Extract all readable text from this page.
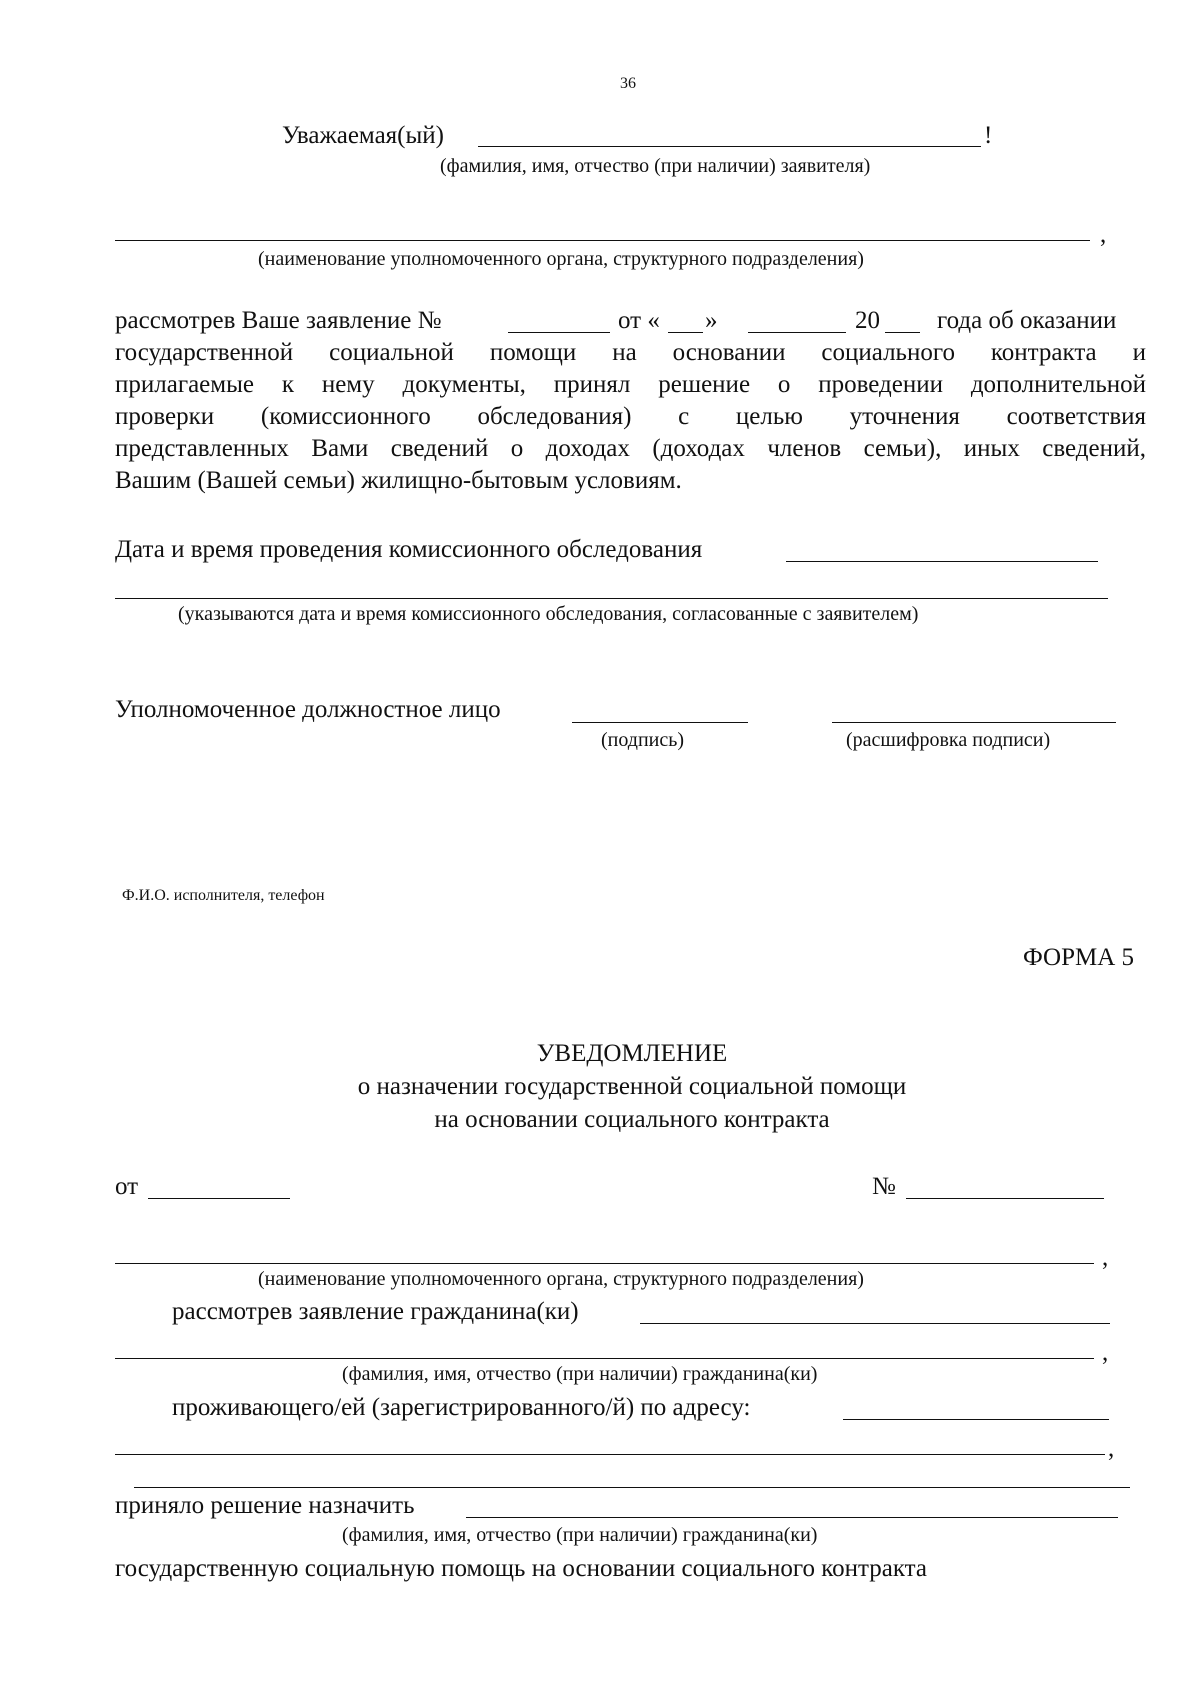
36
Уважаемая(ый)	!
(фамилия, имя, отчество (при наличии) заявителя)
,
(наименование уполномоченного органа, структурного подразделения)
рассмотрев Ваше заявление №	от « »	20 года об оказании
государственной социальной помощи на основании социального контракта и
прилагаемые к нему документы, принял решение о проведении дополнительной
проверки (комиссионного обследования) с целью уточнения соответствия
представленных Вами сведений о доходах (доходах членов семьи), иных сведений,
Вашим (Вашей семьи) жилищно-бытовым условиям.
Дата и время проведения комиссионного обследования
(указываются дата и время комиссионного обследования, согласованные с заявителем)
Уполномоченное должностное лицо
(подпись)	(расшифровка подписи)
Ф.И.О. исполнителя, телефон
ФОРМА 5
УВЕДОМЛЕНИЕ
о назначении государственной социальной помощи
на основании социального контракта
от	№
,
(наименование уполномоченного органа, структурного подразделения)
рассмотрев заявление гражданина(ки)
,
(фамилия, имя, отчество (при наличии) гражданина(ки)
проживающего/ей (зарегистрированного/й) по адресу:
,
приняло решение назначить
(фамилия, имя, отчество (при наличии) гражданина(ки)
государственную социальную помощь на основании социального контракта
